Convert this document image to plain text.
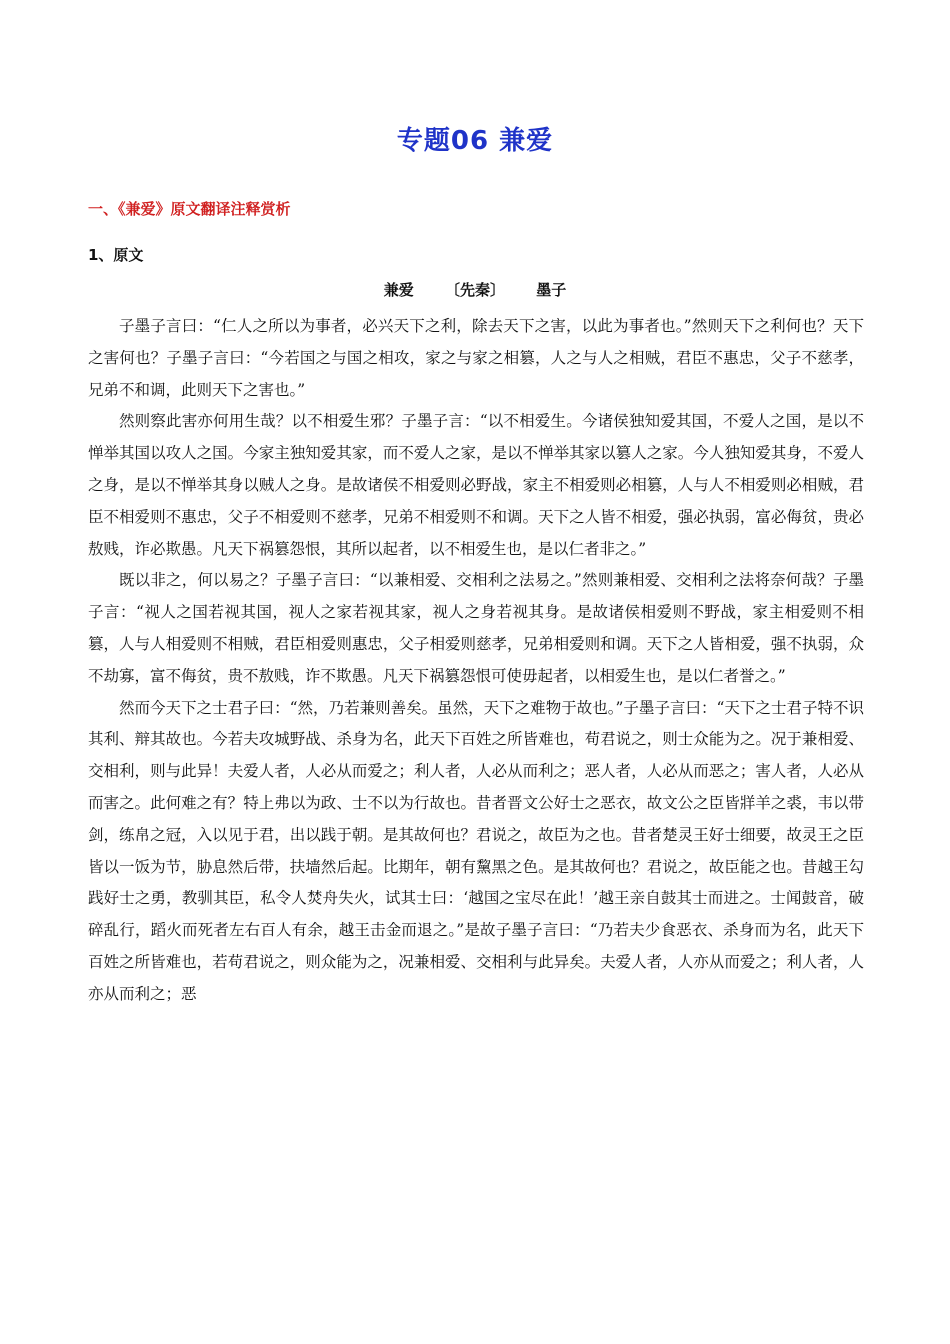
专题06 兼爱
一、《兼爱》原文翻译注释赏析
1、原文
兼爱 〔先秦〕 墨子

子墨子言曰：“仁人之所以为事者，必兴天下之利，除去天下之害，以此为事者也。”然则天下之利何也？天下之害何也？子墨子言曰：“今若国之与国之相攻，家之与家之相篡，人之与人之相贼，君臣不惠忠，父子不慈孝，兄弟不和调，此则天下之害也。”

然则察此害亦何用生哉？以不相爱生邪？子墨子言：“以不相爱生。今诸侯独知爱其国，不爱人之国，是以不惮举其国以攻人之国。今家主独知爱其家，而不爱人之家，是以不惮举其家以篡人之家。今人独知爱其身，不爱人之身，是以不惮举其身以贼人之身。是故诸侯不相爱则必野战，家主不相爱则必相篡，人与人不相爱则必相贼，君臣不相爱则不惠忠，父子不相爱则不慈孝，兄弟不相爱则不和调。天下之人皆不相爱，强必执弱，富必侮贫，贵必敖贱，诈必欺愚。凡天下祸篡怨恨，其所以起者，以不相爱生也，是以仁者非之。”

既以非之，何以易之？子墨子言曰：“以兼相爱、交相利之法易之。”然则兼相爱、交相利之法将奈何哉？子墨子言：“视人之国若视其国，视人之家若视其家，视人之身若视其身。是故诸侯相爱则不野战，家主相爱则不相篡，人与人相爱则不相贼，君臣相爱则惠忠，父子相爱则慈孝，兄弟相爱则和调。天下之人皆相爱，强不执弱，众不劫寡，富不侮贫，贵不敖贱，诈不欺愚。凡天下祸篡怨恨可使毋起者，以相爱生也，是以仁者誉之。”

然而今天下之士君子曰：“然，乃若兼则善矣。虽然，天下之难物于故也。”子墨子言曰：“天下之士君子特不识其利、辩其故也。今若夫攻城野战、杀身为名，此天下百姓之所皆难也，苟君说之，则士众能为之。况于兼相爱、交相利，则与此异！夫爱人者，人必从而爱之；利人者，人必从而利之；恶人者，人必从而恶之；害人者，人必从而害之。此何难之有？特上弗以为政、士不以为行故也。昔者晋文公好士之恶衣，故文公之臣皆牂羊之裘，韦以带剑，练帛之冠，入以见于君，出以践于朝。是其故何也？君说之，故臣为之也。昔者楚灵王好士细要，故灵王之臣皆以一饭为节，胁息然后带，扶墙然后起。比期年，朝有黧黑之色。是其故何也？君说之，故臣能之也。昔越王勾践好士之勇，教驯其臣，私令人焚舟失火，试其士曰：‘越国之宝尽在此！’越王亲自鼓其士而进之。士闻鼓音，破碎乱行，蹈火而死者左右百人有余，越王击金而退之。”是故子墨子言曰：“乃若夫少食恶衣、杀身而为名，此天下百姓之所皆难也，若苟君说之，则众能为之，况兼相爱、交相利与此异矣。夫爱人者，人亦从而爱之；利人者，人亦从而利之；恶
